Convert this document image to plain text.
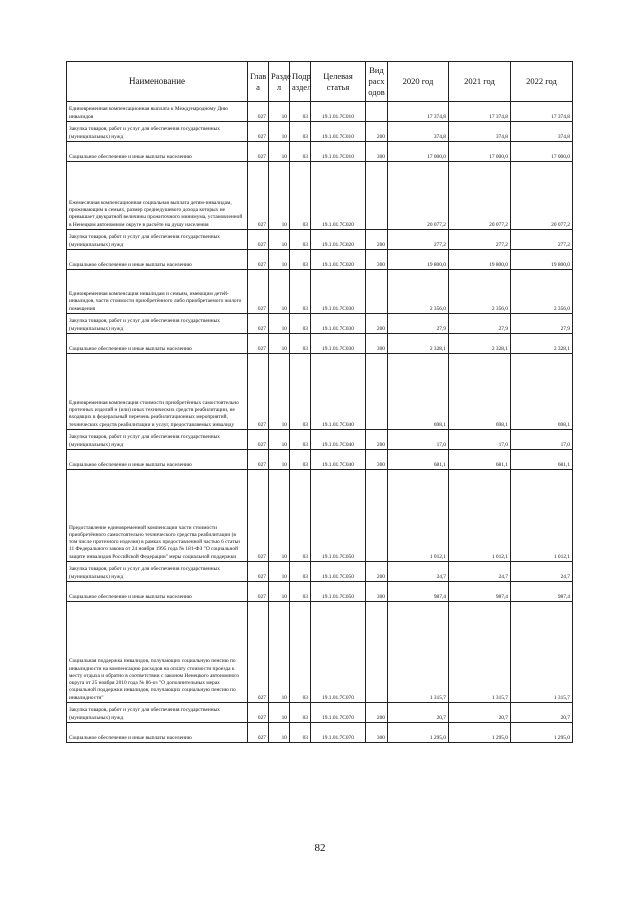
Наименование	Глав а	Разде л	Подр аздел	Целевая статья	Вид расх одов	2020 год	2021 год	2022 год
Единовременная компенсационная выплата к Международному Дню инвалидов	027	10	03	19.1.01.7С010		17 374,8	17 374,8	17 374,8
Закупка товаров, работ и услуг для обеспечения государственных (муниципальных) нужд	027	10	03	19.1.01.7С010	200	374,8	374,8	374,8
Социальное обеспечение и иные выплаты населению	027	10	03	19.1.01.7С010	300	17 000,0	17 000,0	17 000,0
Ежемесячная компенсационная социальная выплата детям-инвалидам, проживающим в семьях, размер среднедушевого дохода которых не превышает двукратной величины прожиточного минимума, установленной в Ненецком автономном округе в расчёте на душу населения	027	10	03	19.1.01.7С020		20 077,2	20 077,2	20 077,2
Закупка товаров, работ и услуг для обеспечения государственных (муниципальных) нужд	027	10	03	19.1.01.7С020	200	277,2	277,2	277,2
Социальное обеспечение и иные выплаты населению	027	10	03	19.1.01.7С020	300	19 800,0	19 800,0	19 800,0
Единовременная компенсация инвалидам и семьям, имеющим детей-инвалидов, части стоимости приобретённого либо приобретаемого жилого помещения	027	10	03	19.1.01.7С030		2 356,0	2 356,0	2 356,0
Закупка товаров, работ и услуг для обеспечения государственных (муниципальных) нужд	027	10	03	19.1.01.7С030	200	27,9	27,9	27,9
Социальное обеспечение и иные выплаты населению	027	10	03	19.1.01.7С030	300	2 328,1	2 328,1	2 328,1
Единовременная компенсация стоимости приобретённых самостоятельно протезных изделий и (или) иных технических средств реабилитации, не входящих в федеральный перечень реабилитационных мероприятий, технических средств реабилитации и услуг, предоставляемых инвалиду	027	10	03	19.1.01.7С040		698,1	698,1	698,1
Закупка товаров, работ и услуг для обеспечения государственных (муниципальных) нужд	027	10	03	19.1.01.7С040	200	17,0	17,0	17,0
Социальное обеспечение и иные выплаты населению	027	10	03	19.1.01.7С040	300	681,1	681,1	681,1
Предоставление единовременной компенсации части стоимости приобретённого самостоятельно технического средства реабилитации (в том числе протезного изделия) в рамках предоставленной частью 6 статьи 11 Федерального закона от 24 ноября 1995 года № 181-ФЗ "О социальной защите инвалидов Российской Федерации" меры социальной поддержки	027	10	03	19.1.01.7С050		1 012,1	1 012,1	1 012,1
Закупка товаров, работ и услуг для обеспечения государственных (муниципальных) нужд	027	10	03	19.1.01.7С050	200	24,7	24,7	24,7
Социальное обеспечение и иные выплаты населению	027	10	03	19.1.01.7С050	300	987,4	987,4	987,4
Социальная поддержка инвалидов, получающих социальную пенсию по инвалидности на компенсацию расходов на оплату стоимости проезда к месту отдыха и обратно в соответствии с законом Ненецкого автономного округа от 25 ноября 2010 года № 86-оз "О дополнительных мерах социальной поддержки инвалидов, получающих социальную пенсию по инвалидности"	027	10	03	19.1.01.7С070		1 315,7	1 315,7	1 315,7
Закупка товаров, работ и услуг для обеспечения государственных (муниципальных) нужд	027	10	03	19.1.01.7С070	200	20,7	20,7	20,7
Социальное обеспечение и иные выплаты населению	027	10	03	19.1.01.7С070	300	1 295,0	1 295,0	1 295,0
82
